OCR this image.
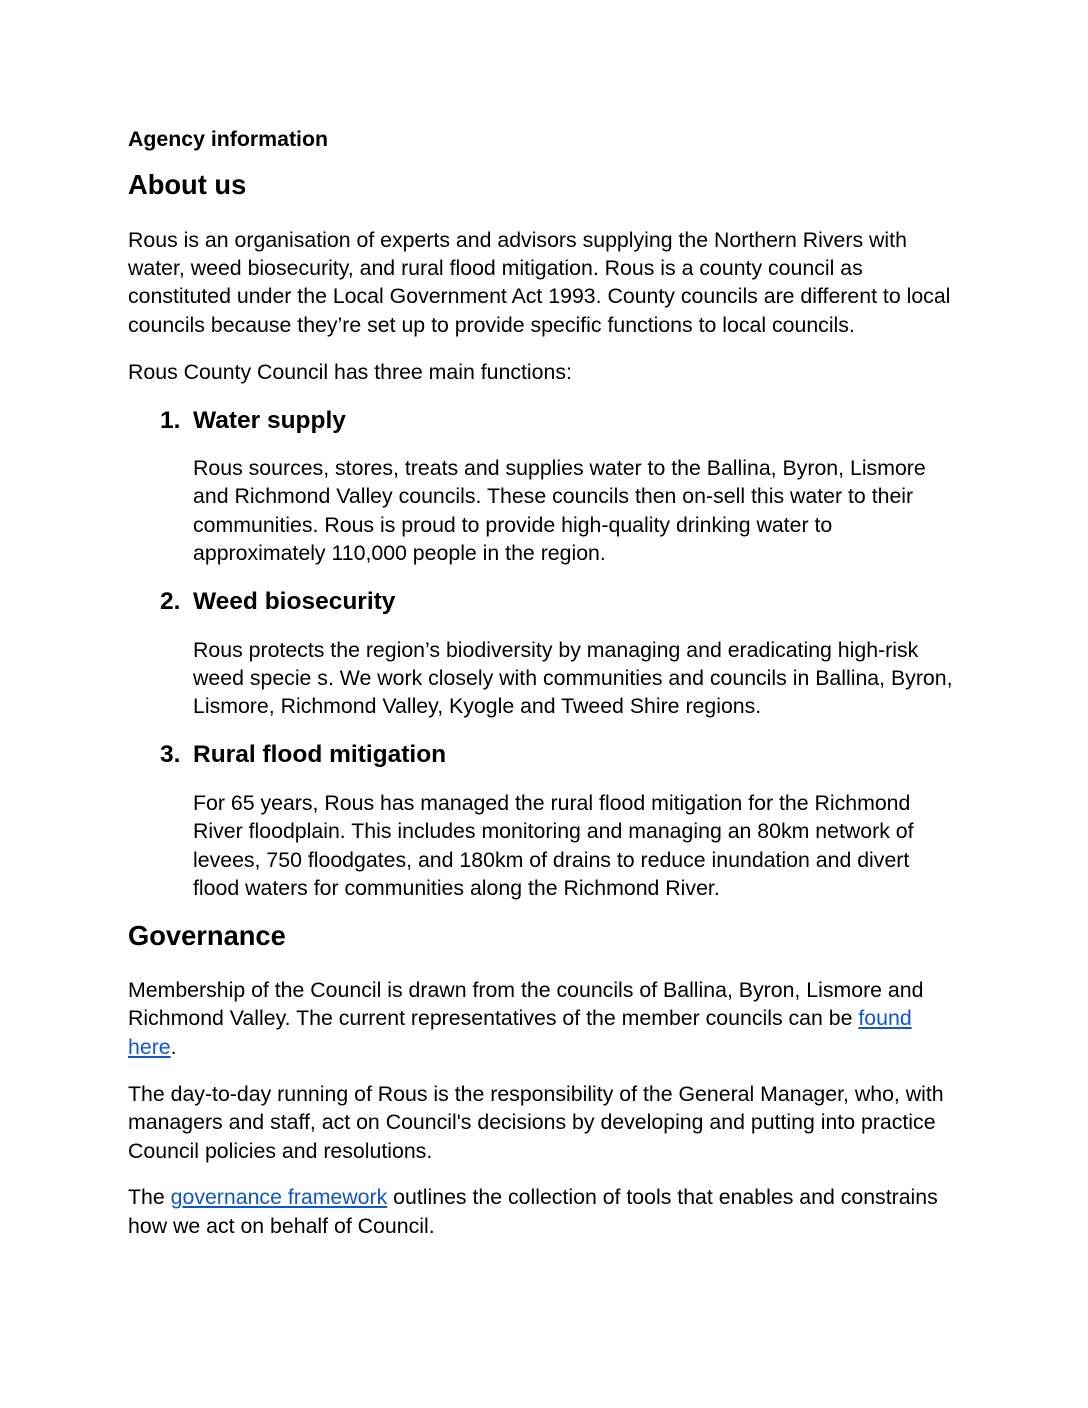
Agency information

About us

Rous is an organisation of experts and advisors supplying the Northern Rivers with water, weed biosecurity, and rural flood mitigation. Rous is a county council as constituted under the Local Government Act 1993. County councils are different to local councils because they’re set up to provide specific functions to local councils.

Rous County Council has three main functions:

1. Water supply

Rous sources, stores, treats and supplies water to the Ballina, Byron, Lismore and Richmond Valley councils. These councils then on-sell this water to their communities. Rous is proud to provide high-quality drinking water to approximately 110,000 people in the region.

2. Weed biosecurity

Rous protects the region’s biodiversity by managing and eradicating high-risk weed specie s. We work closely with communities and councils in Ballina, Byron, Lismore, Richmond Valley, Kyogle and Tweed Shire regions.

3. Rural flood mitigation

For 65 years, Rous has managed the rural flood mitigation for the Richmond River floodplain. This includes monitoring and managing an 80km network of levees, 750 floodgates, and 180km of drains to reduce inundation and divert flood waters for communities along the Richmond River.

Governance

Membership of the Council is drawn from the councils of Ballina, Byron, Lismore and Richmond Valley. The current representatives of the member councils can be found here.

The day-to-day running of Rous is the responsibility of the General Manager, who, with managers and staff, act on Council's decisions by developing and putting into practice Council policies and resolutions.

The governance framework outlines the collection of tools that enables and constrains how we act on behalf of Council.
